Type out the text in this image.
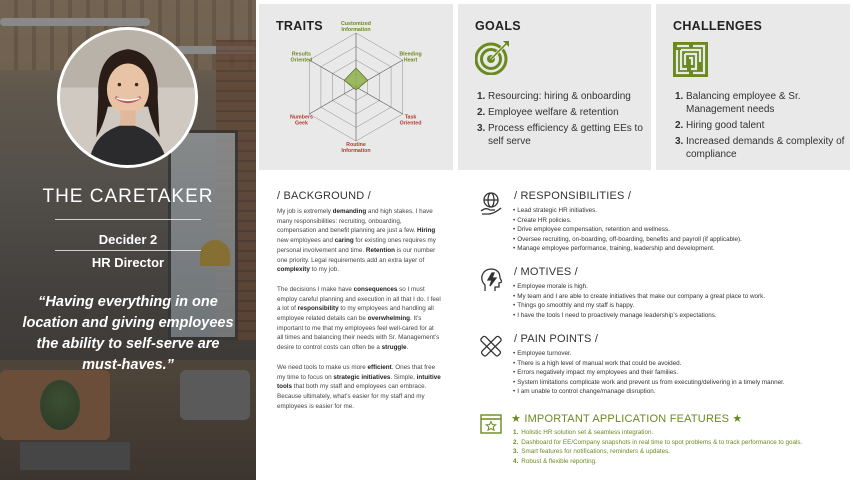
THE CARETAKER
Decider 2
HR Director
“Having everything in one location and giving employees the ability to self-serve are must-haves.”
TRAITS	Customized
Information
Bleeding
Heart
Task
Oriented
Routine
Information
Numbers
Geek
Results
Oriented
GOALS
1. Resourcing: hiring & onboarding
2. Employee welfare & retention
3. Process efficiency & getting EEs to self serve
CHALLENGES
1. Balancing employee & Sr. Management needs
2. Hiring good talent
3. Increased demands & complexity of compliance
/ BACKGROUND /

My job is extremely demanding and high stakes. I have many responsibilities: recruiting, onboarding, compensation and benefit planning are just a few. Hiring new employees and caring for existing ones requires my personal involvement and time. Retention is our number one priority. Legal requirements add an extra layer of complexity to my job.

The decisions I make have consequences so I must employ careful planning and execution in all that I do. I feel a lot of responsibility to my employees and handling all employee related details can be overwhelming. It’s important to me that my employees feel well-cared for at all times and balancing their needs with Sr. Management’s desire to control costs can often be a struggle.

We need tools to make us more efficient. Ones that free my time to focus on strategic initiatives. Simple, intuitive tools that both my staff and employees can embrace. Because ultimately, what’s easier for my staff and my employees is easier for me.

/ RESPONSIBILITIES /
• Lead strategic HR initiatives.
• Create HR policies.
• Drive employee compensation, retention and wellness.
• Oversee recruiting, on-boarding, off-boarding, benefits and payroll (if applicable).
• Manage employee performance, training, leadership and development.
/ MOTIVES /
• Employee morale is high.
• My team and I are able to create initiatives that make our company a great place to work.
• Things go smoothly and my staff is happy.
• I have the tools I need to proactively manage leadership’s expectations.
/ PAIN POINTS /
• Employee turnover.
• There is a high level of manual work that could be avoided.
• Errors negatively impact my employees and their families.
• System limitations complicate work and prevent us from executing/delivering in a timely manner.
• I am unable to control change/manage disruption.
★ IMPORTANT APPLICATION FEATURES ★
1. Holistic HR solution set & seamless integration.
2. Dashboard for EE/Company snapshots in real time to spot problems & to track performance to goals.
3. Smart features for notifications, reminders & updates.
4. Robust & flexible reporting.
